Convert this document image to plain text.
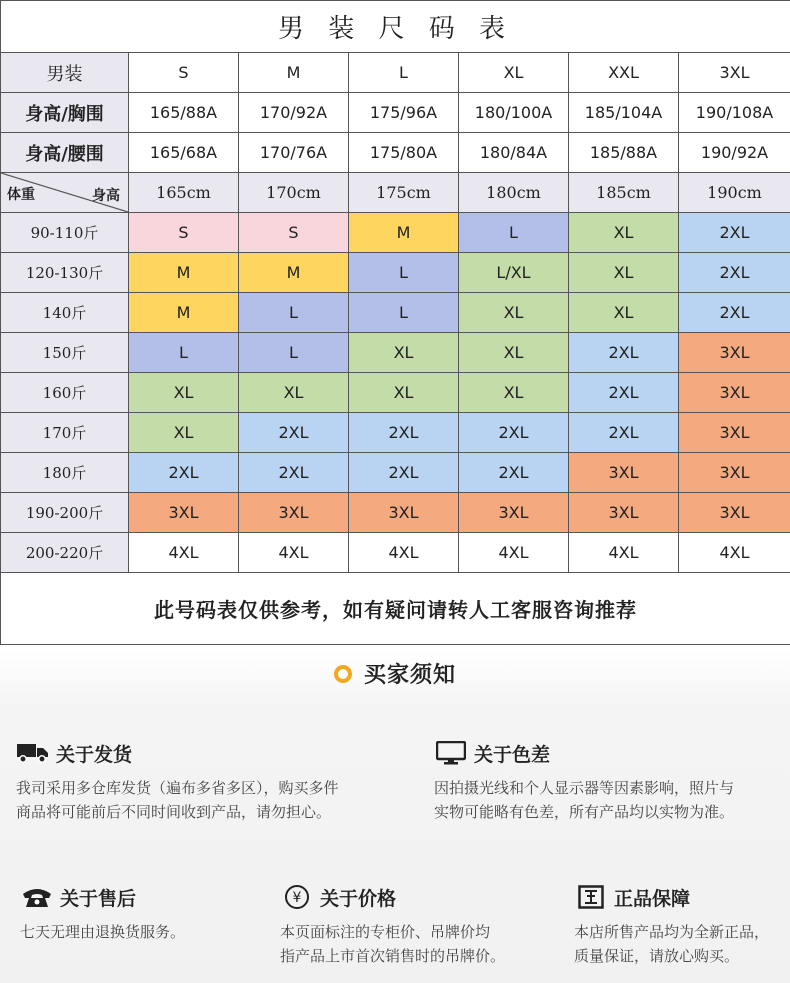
男 装 尺 码 表						
男装	S	M	L	XL	XXL	3XL
身高/胸围	165/88A	170/92A	175/96A	180/100A	185/104A	190/108A
身高/腰围	165/68A	170/76A	175/80A	180/84A	185/88A	190/92A

体重 身高	165cm	170cm	175cm	180cm	185cm	190cm
90-110斤	S	S	M	L	XL	2XL
120-130斤	M	M	L	L/XL	XL	2XL
140斤	M	L	L	XL	XL	2XL
150斤	L	L	XL	XL	2XL	3XL
160斤	XL	XL	XL	XL	2XL	3XL
170斤	XL	2XL	2XL	2XL	2XL	3XL
180斤	2XL	2XL	2XL	2XL	3XL	3XL
190-200斤	3XL	3XL	3XL	3XL	3XL	3XL
200-220斤	4XL	4XL	4XL	4XL	4XL	4XL
此号码表仅供参考，如有疑问请转人工客服咨询推荐						
买家须知
关于发货
我司采用多仓库发货（遍布多省多区），购买多件
商品将可能前后不同时间收到产品，请勿担心。
关于色差
因拍摄光线和个人显示器等因素影响，照片与
实物可能略有色差，所有产品均以实物为准。
关于售后
七天无理由退换货服务。
¥ 关于价格
本页面标注的专柜价、吊牌价均
指产品上市首次销售时的吊牌价。
正品保障
本店所售产品均为全新正品，
质量保证，请放心购买。
